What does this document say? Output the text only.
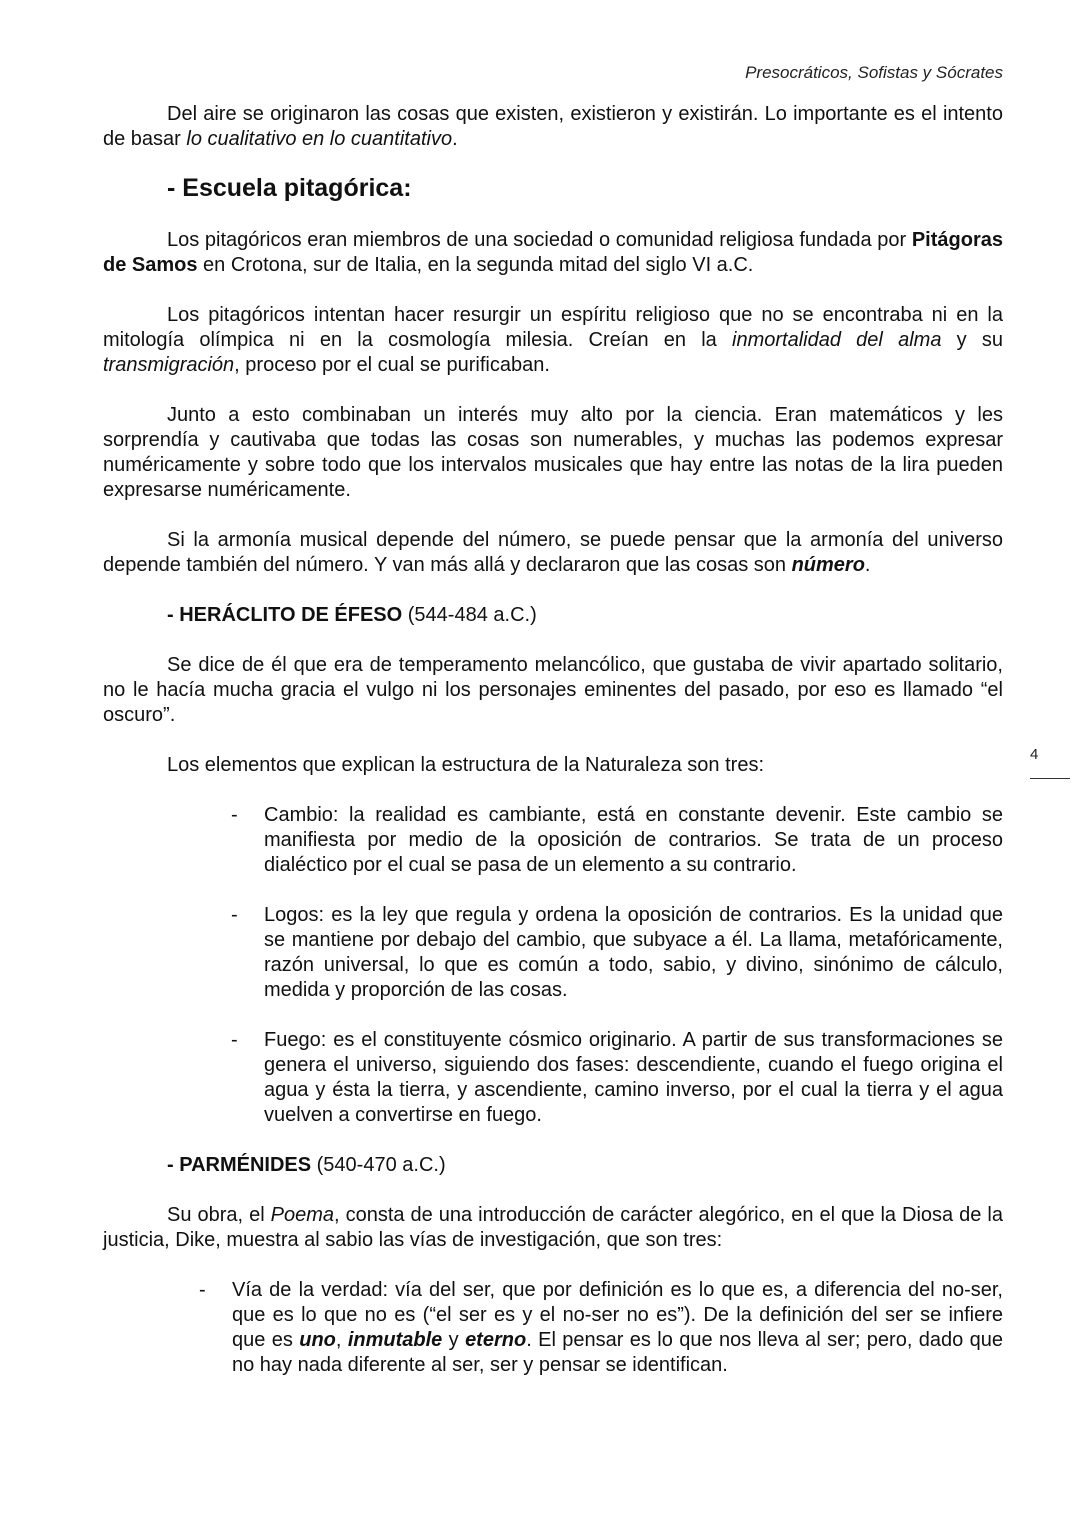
Presocráticos, Sofistas y Sócrates
4

Del aire se originaron las cosas que existen, existieron y existirán. Lo importante es el intento de basar lo cualitativo en lo cuantitativo.

- Escuela pitagórica:

Los pitagóricos eran miembros de una sociedad o comunidad religiosa fundada por Pitágoras de Samos en Crotona, sur de Italia, en la segunda mitad del siglo VI a.C.

Los pitagóricos intentan hacer resurgir un espíritu religioso que no se encontraba ni en la mitología olímpica ni en la cosmología milesia. Creían en la inmortalidad del alma y su transmigración, proceso por el cual se purificaban.

Junto a esto combinaban un interés muy alto por la ciencia. Eran matemáticos y les sorprendía y cautivaba que todas las cosas son numerables, y muchas las podemos expresar numéricamente y sobre todo que los intervalos musicales que hay entre las notas de la lira pueden expresarse numéricamente.

Si la armonía musical depende del número, se puede pensar que la armonía del universo depende también del número. Y van más allá y declararon que las cosas son número.

- HERÁCLITO DE ÉFESO (544-484 a.C.)

Se dice de él que era de temperamento melancólico, que gustaba de vivir apartado solitario, no le hacía mucha gracia el vulgo ni los personajes eminentes del pasado, por eso es llamado “el oscuro”.

Los elementos que explican la estructura de la Naturaleza son tres:

- Cambio: la realidad es cambiante, está en constante devenir. Este cambio se manifiesta por medio de la oposición de contrarios. Se trata de un proceso dialéctico por el cual se pasa de un elemento a su contrario.
- Logos: es la ley que regula y ordena la oposición de contrarios. Es la unidad que se mantiene por debajo del cambio, que subyace a él. La llama, metafóricamente, razón universal, lo que es común a todo, sabio, y divino, sinónimo de cálculo, medida y proporción de las cosas.
- Fuego: es el constituyente cósmico originario. A partir de sus transformaciones se genera el universo, siguiendo dos fases: descendiente, cuando el fuego origina el agua y ésta la tierra, y ascendiente, camino inverso, por el cual la tierra y el agua vuelven a convertirse en fuego.
- PARMÉNIDES (540-470 a.C.)

Su obra, el Poema, consta de una introducción de carácter alegórico, en el que la Diosa de la justicia, Dike, muestra al sabio las vías de investigación, que son tres:

- Vía de la verdad: vía del ser, que por definición es lo que es, a diferencia del no-ser, que es lo que no es (“el ser es y el no-ser no es”). De la definición del ser se infiere que es uno, inmutable y eterno. El pensar es lo que nos lleva al ser; pero, dado que no hay nada diferente al ser, ser y pensar se identifican.
